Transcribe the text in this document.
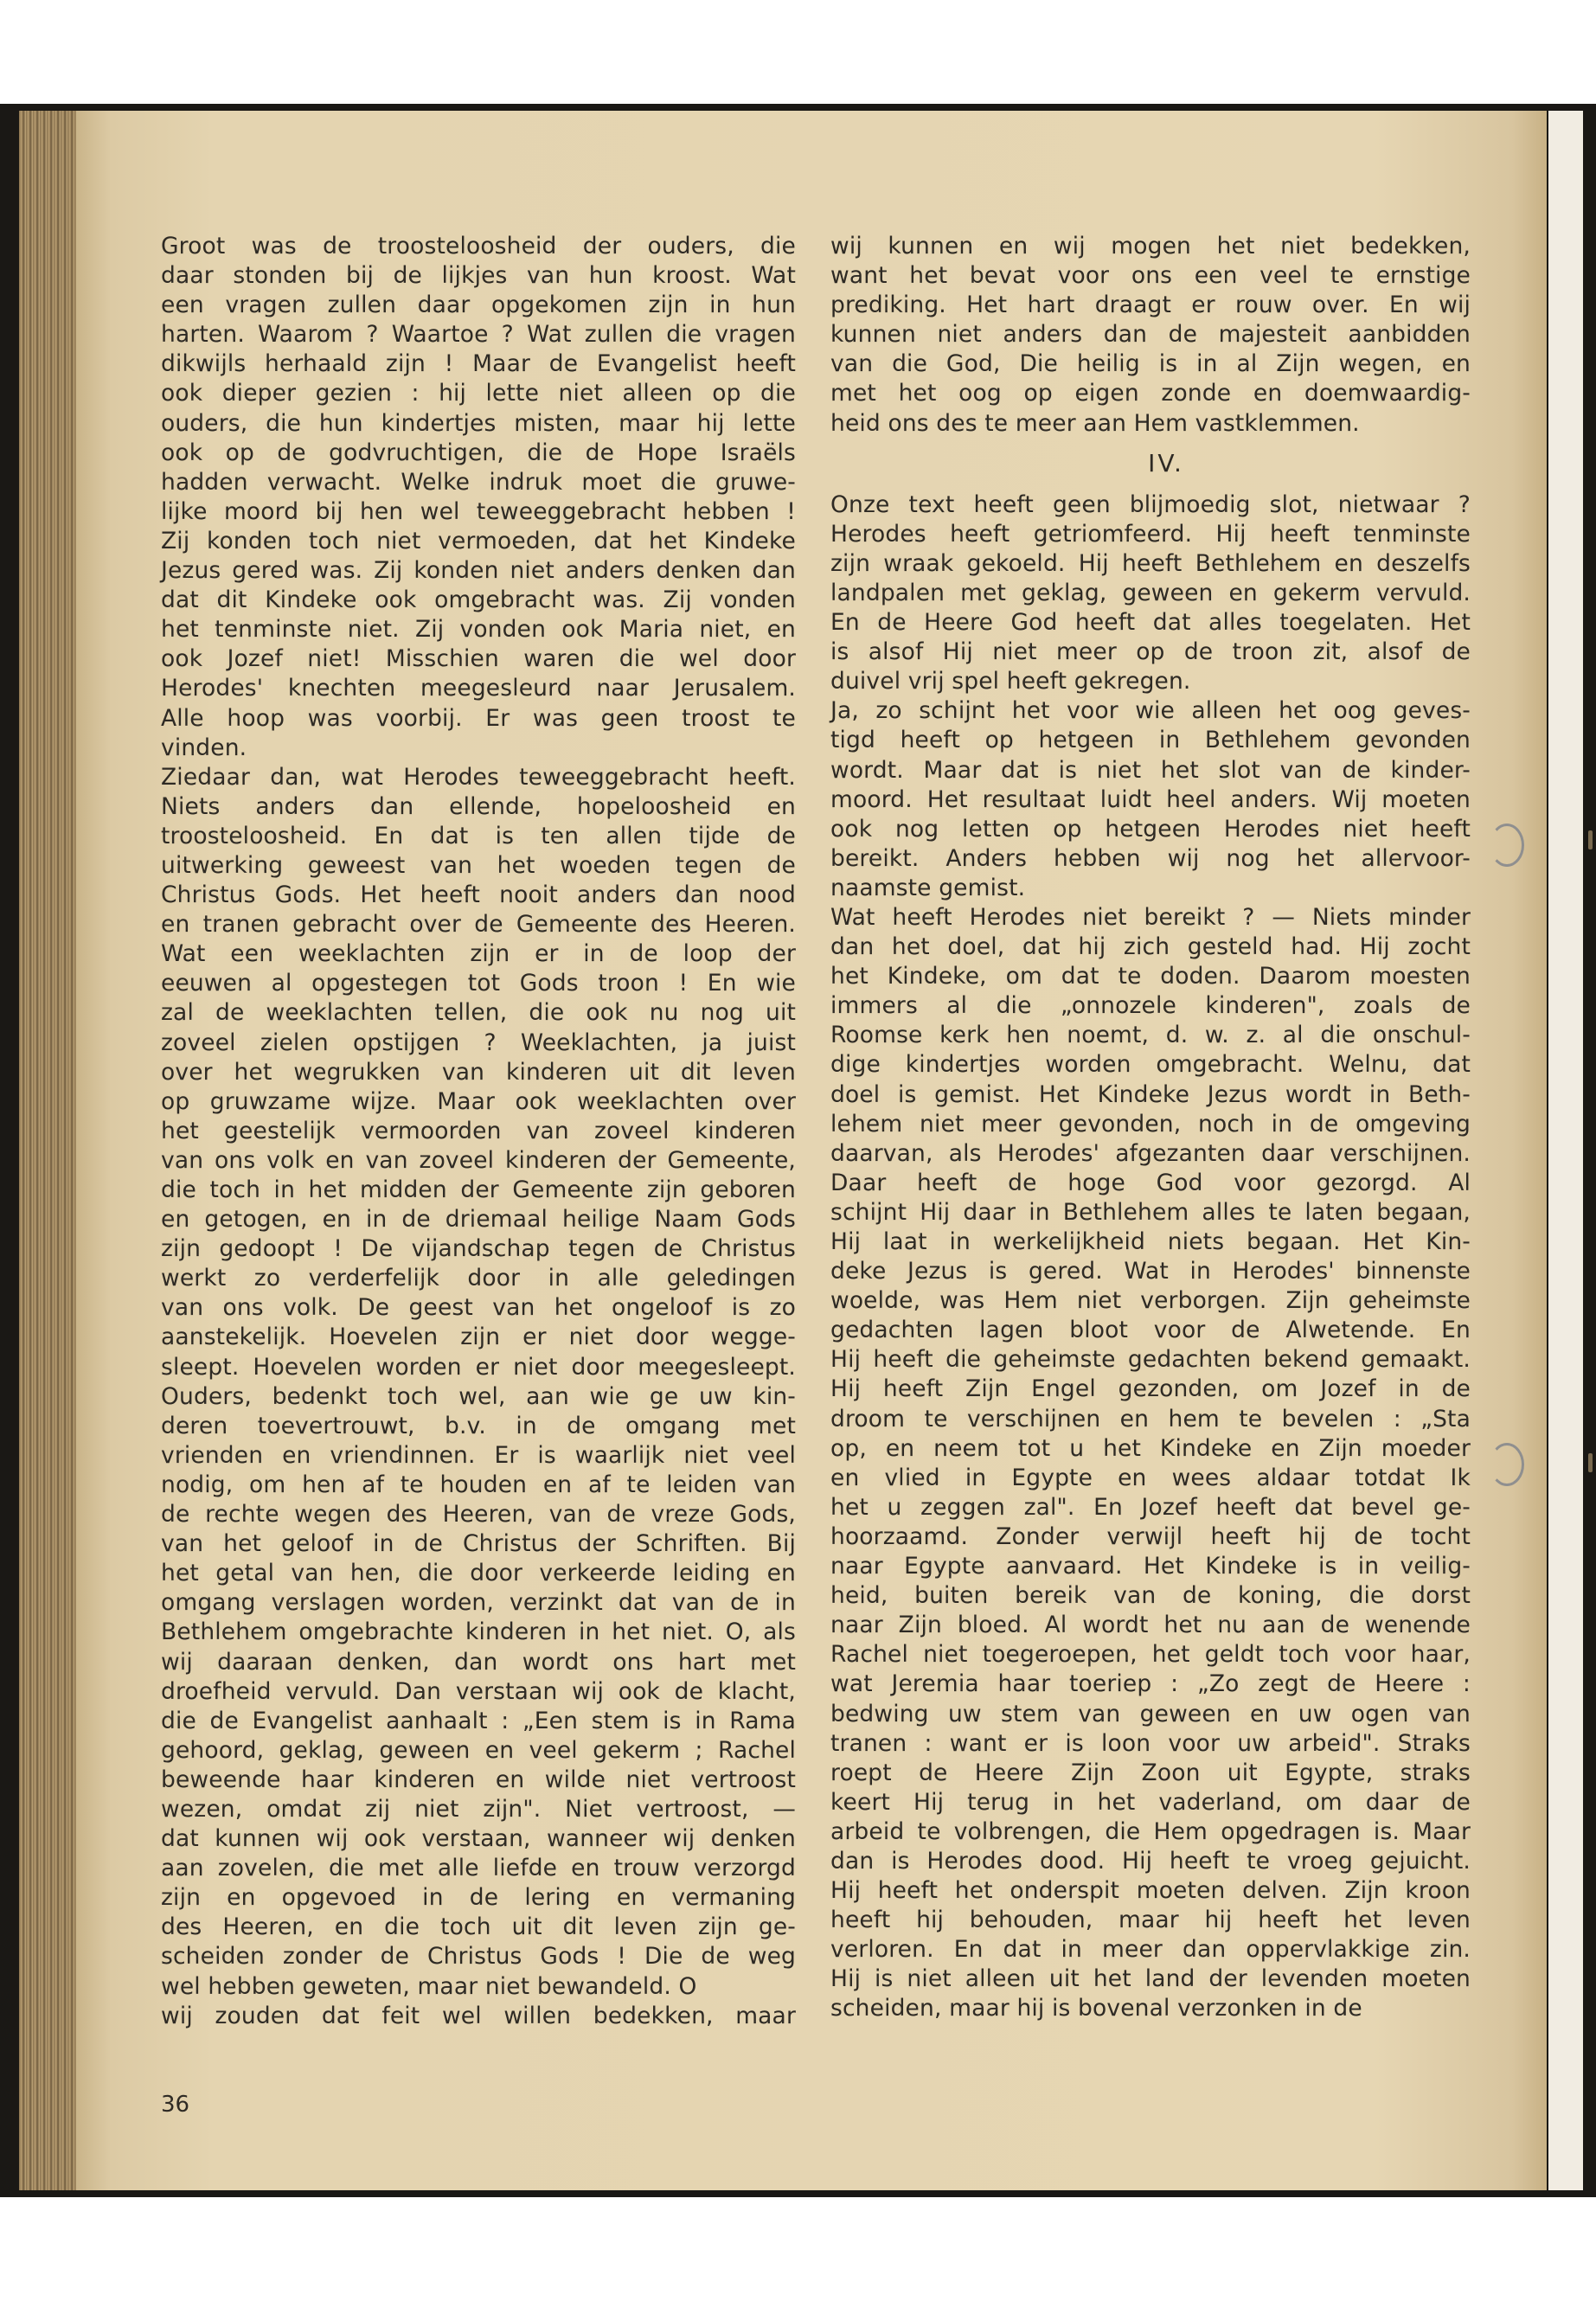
Groot was de troosteloosheid der ouders, die
daar stonden bij de lijkjes van hun kroost. Wat
een vragen zullen daar opgekomen zijn in hun
harten. Waarom ? Waartoe ? Wat zullen die vragen
dikwijls herhaald zijn ! Maar de Evangelist heeft
ook dieper gezien : hij lette niet alleen op die
ouders, die hun kindertjes misten, maar hij lette
ook op de godvruchtigen, die de Hope Israëls
hadden verwacht. Welke indruk moet die gruwe-
lijke moord bij hen wel teweeggebracht hebben !
Zij konden toch niet vermoeden, dat het Kindeke
Jezus gered was. Zij konden niet anders denken dan
dat dit Kindeke ook omgebracht was. Zij vonden
het tenminste niet. Zij vonden ook Maria niet, en
ook Jozef niet! Misschien waren die wel door
Herodes' knechten meegesleurd naar Jerusalem.
Alle hoop was voorbij. Er was geen troost te
vinden.
Ziedaar dan, wat Herodes teweeggebracht heeft.
Niets anders dan ellende, hopeloosheid en
troosteloosheid. En dat is ten allen tijde de
uitwerking geweest van het woeden tegen de
Christus Gods. Het heeft nooit anders dan nood
en tranen gebracht over de Gemeente des Heeren.
Wat een weeklachten zijn er in de loop der
eeuwen al opgestegen tot Gods troon ! En wie
zal de weeklachten tellen, die ook nu nog uit
zoveel zielen opstijgen ? Weeklachten, ja juist
over het wegrukken van kinderen uit dit leven
op gruwzame wijze. Maar ook weeklachten over
het geestelijk vermoorden van zoveel kinderen
van ons volk en van zoveel kinderen der Gemeente,
die toch in het midden der Gemeente zijn geboren
en getogen, en in de driemaal heilige Naam Gods
zijn gedoopt ! De vijandschap tegen de Christus
werkt zo verderfelijk door in alle geledingen
van ons volk. De geest van het ongeloof is zo
aanstekelijk. Hoevelen zijn er niet door wegge-
sleept. Hoevelen worden er niet door meegesleept.
Ouders, bedenkt toch wel, aan wie ge uw kin-
deren toevertrouwt, b.v. in de omgang met
vrienden en vriendinnen. Er is waarlijk niet veel
nodig, om hen af te houden en af te leiden van
de rechte wegen des Heeren, van de vreze Gods,
van het geloof in de Christus der Schriften. Bij
het getal van hen, die door verkeerde leiding en
omgang verslagen worden, verzinkt dat van de in
Bethlehem omgebrachte kinderen in het niet. O, als
wij daaraan denken, dan wordt ons hart met
droefheid vervuld. Dan verstaan wij ook de klacht,
die de Evangelist aanhaalt : „Een stem is in Rama
gehoord, geklag, geween en veel gekerm ; Rachel
beweende haar kinderen en wilde niet vertroost
wezen, omdat zij niet zijn". Niet vertroost, —
dat kunnen wij ook verstaan, wanneer wij denken
aan zovelen, die met alle liefde en trouw verzorgd
zijn en opgevoed in de lering en vermaning
des Heeren, en die toch uit dit leven zijn ge-
scheiden zonder de Christus Gods ! Die de weg
wel hebben geweten, maar niet bewandeld. O
wij zouden dat feit wel willen bedekken, maar
wij kunnen en wij mogen het niet bedekken,
want het bevat voor ons een veel te ernstige
prediking. Het hart draagt er rouw over. En wij
kunnen niet anders dan de majesteit aanbidden
van die God, Die heilig is in al Zijn wegen, en
met het oog op eigen zonde en doemwaardig-
heid ons des te meer aan Hem vastklemmen.
IV.
Onze text heeft geen blijmoedig slot, nietwaar ?
Herodes heeft getriomfeerd. Hij heeft tenminste
zijn wraak gekoeld. Hij heeft Bethlehem en deszelfs
landpalen met geklag, geween en gekerm vervuld.
En de Heere God heeft dat alles toegelaten. Het
is alsof Hij niet meer op de troon zit, alsof de
duivel vrij spel heeft gekregen.
Ja, zo schijnt het voor wie alleen het oog geves-
tigd heeft op hetgeen in Bethlehem gevonden
wordt. Maar dat is niet het slot van de kinder-
moord. Het resultaat luidt heel anders. Wij moeten
ook nog letten op hetgeen Herodes niet heeft
bereikt. Anders hebben wij nog het allervoor-
naamste gemist.
Wat heeft Herodes niet bereikt ? — Niets minder
dan het doel, dat hij zich gesteld had. Hij zocht
het Kindeke, om dat te doden. Daarom moesten
immers al die „onnozele kinderen", zoals de
Roomse kerk hen noemt, d. w. z. al die onschul-
dige kindertjes worden omgebracht. Welnu, dat
doel is gemist. Het Kindeke Jezus wordt in Beth-
lehem niet meer gevonden, noch in de omgeving
daarvan, als Herodes' afgezanten daar verschijnen.
Daar heeft de hoge God voor gezorgd. Al
schijnt Hij daar in Bethlehem alles te laten begaan,
Hij laat in werkelijkheid niets begaan. Het Kin-
deke Jezus is gered. Wat in Herodes' binnenste
woelde, was Hem niet verborgen. Zijn geheimste
gedachten lagen bloot voor de Alwetende. En
Hij heeft die geheimste gedachten bekend gemaakt.
Hij heeft Zijn Engel gezonden, om Jozef in de
droom te verschijnen en hem te bevelen : „Sta
op, en neem tot u het Kindeke en Zijn moeder
en vlied in Egypte en wees aldaar totdat Ik
het u zeggen zal". En Jozef heeft dat bevel ge-
hoorzaamd. Zonder verwijl heeft hij de tocht
naar Egypte aanvaard. Het Kindeke is in veilig-
heid, buiten bereik van de koning, die dorst
naar Zijn bloed. Al wordt het nu aan de wenende
Rachel niet toegeroepen, het geldt toch voor haar,
wat Jeremia haar toeriep : „Zo zegt de Heere :
bedwing uw stem van geween en uw ogen van
tranen : want er is loon voor uw arbeid". Straks
roept de Heere Zijn Zoon uit Egypte, straks
keert Hij terug in het vaderland, om daar de
arbeid te volbrengen, die Hem opgedragen is. Maar
dan is Herodes dood. Hij heeft te vroeg gejuicht.
Hij heeft het onderspit moeten delven. Zijn kroon
heeft hij behouden, maar hij heeft het leven
verloren. En dat in meer dan oppervlakkige zin.
Hij is niet alleen uit het land der levenden moeten
scheiden, maar hij is bovenal verzonken in de
36
